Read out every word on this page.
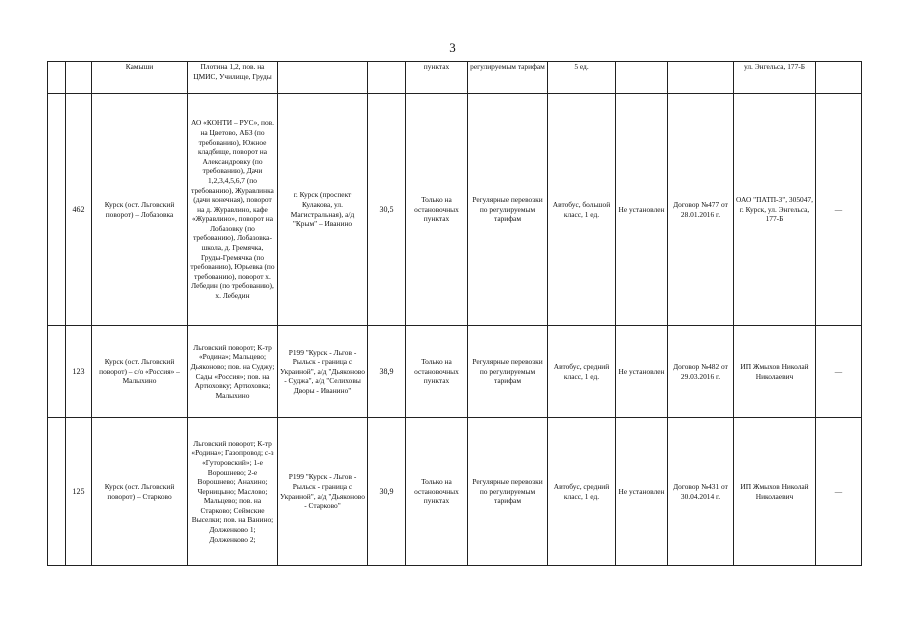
3
		Камыши	Плотина 1,2, пов. на ЦМИС, Училище, Груды			пунктах	регулируемым тарифам	5 ед.			ул. Энгельса, 177-Б	
	462	Курск (ост. Льговский поворот) – Лобазовка	АО «КОНТИ – РУС», пов. на Цветово, АБЗ (по требованию), Южное кладбище, поворот на Александровку (по требованию), Дачи 1,2,3,4,5,6,7 (по требованию), Журавлинка (дачи конечная), поворот на д. Журавлино, кафе «Журавлино», поворот на Лобазовку (по требованию), Лобазовка-школа, д. Гремячка, Груды-Гремячка (по требованию), Юрьевка (по требованию), поворот х. Лебедин (по требованию), х. Лебедин	г. Курск (проспект Кулакова, ул. Магистральная), а/д "Крым" – Иванино	30,5	Только на остановочных пунктах	Регулярные перевозки по регулируемым тарифам	Автобус, большой класс, 1 ед.	Не установлен	Договор №477 от 28.01.2016 г.	ОАО "ПАТП-3", 305047, г. Курск, ул. Энгельса, 177-Б	—
	123	Курск (ост. Льговский поворот) – с/о «Россия» – Малыхино	Льговский поворот; К-тр «Родина»; Мальцево; Дьяконово; пов. на Суджу; Сады «Россия»; пов. на Артюховку; Артюховка; Малыхино	Р199 "Курск - Льгов - Рыльск - граница с Украиной", а/д "Дьяконово - Суджа", а/д "Селиховы Дворы - Иванино"	38,9	Только на остановочных пунктах	Регулярные перевозки по регулируемым тарифам	Автобус, средний класс, 1 ед.	Не установлен	Договор №482 от 29.03.2016 г.	ИП Жмыхов Николай Николаевич	—
	125	Курск (ост. Льговский поворот) – Старково	Льговский поворот; К-тр «Родина»; Газопровод; с-з «Гуторовский»; 1-е Ворошнево; 2-е Ворошнево; Анахино; Черницыно; Маслово; Мальцево; пов. на Старково; Сеймские Выселки; пов. на Ванино; Долженково 1; Долженково 2;	Р199 "Курск - Льгов - Рыльск - граница с Украиной", а/д "Дьяконово - Старково"	30,9	Только на остановочных пунктах	Регулярные перевозки по регулируемым тарифам	Автобус, средний класс, 1 ед.	Не установлен	Договор №431 от 30.04.2014 г.	ИП Жмыхов Николай Николаевич	—
